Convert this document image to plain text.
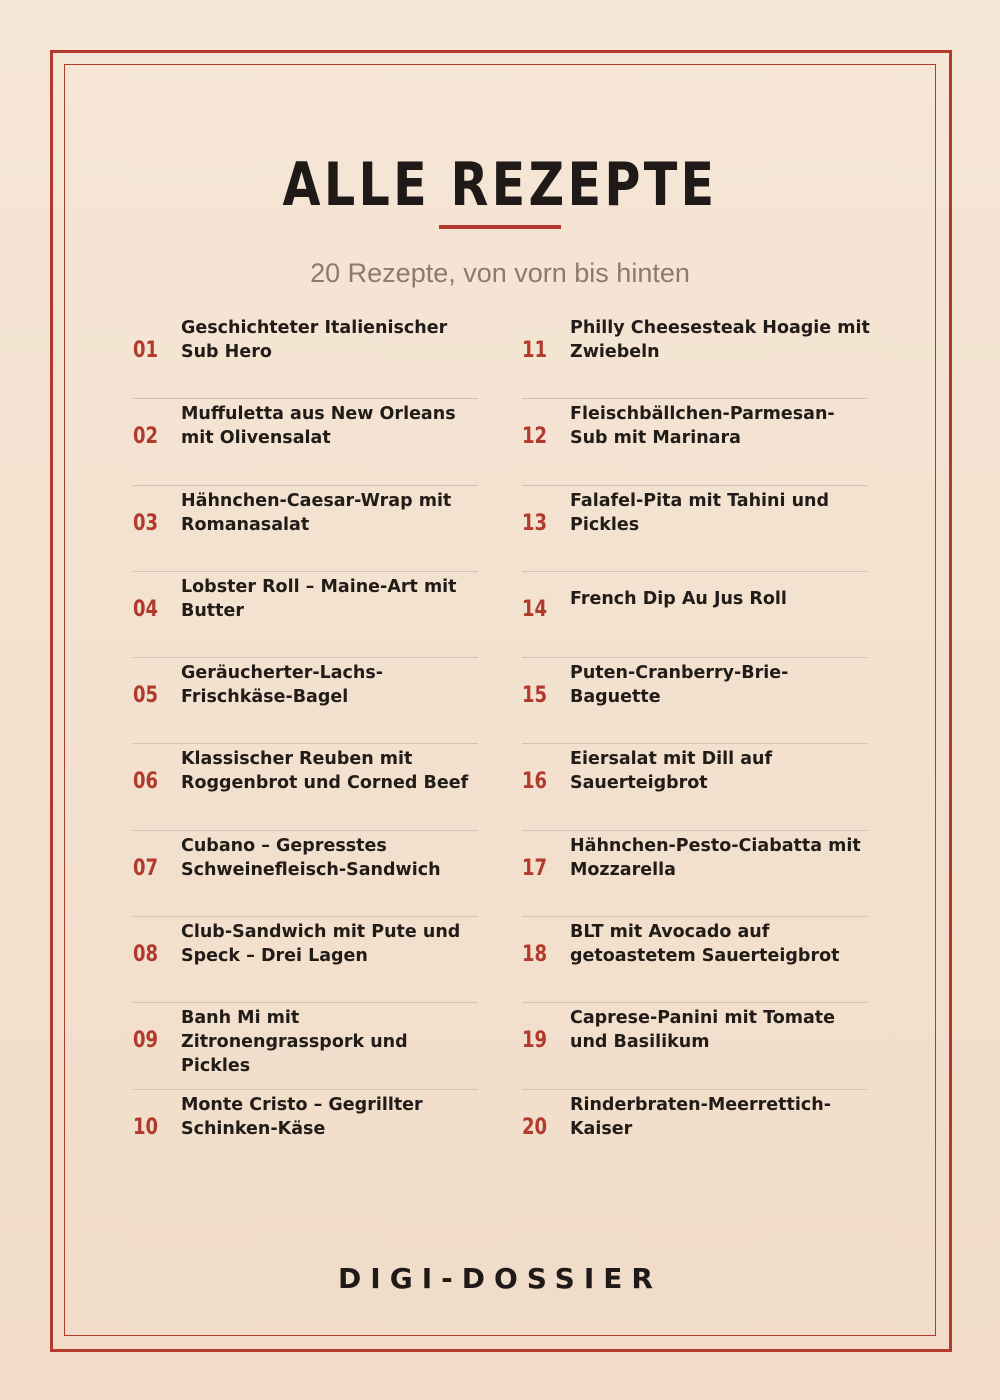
ALLE REZEPTE
20 Rezepte, von vorn bis hinten
01
Geschichteter Italienischer Sub Hero
02
Muffuletta aus New Orleans mit Olivensalat
03
Hähnchen-Caesar-Wrap mit Romanasalat
04
Lobster Roll – Maine-Art mit Butter
05
Geräucherter-Lachs-Frischkäse-Bagel
06
Klassischer Reuben mit Roggenbrot und Corned Beef
07
Cubano – Gepresstes Schweinefleisch-Sandwich
08
Club-Sandwich mit Pute und Speck – Drei Lagen
09
Banh Mi mit Zitronengrasspork und Pickles
10
Monte Cristo – Gegrillter Schinken-Käse
11
Philly Cheesesteak Hoagie mit Zwiebeln
12
Fleischbällchen-Parmesan-Sub mit Marinara
13
Falafel-Pita mit Tahini und Pickles
14 French Dip Au Jus Roll
15
Puten-Cranberry-Brie-Baguette
16
Eiersalat mit Dill auf Sauerteigbrot
17
Hähnchen-Pesto-Ciabatta mit Mozzarella
18
BLT mit Avocado auf getoastetem Sauerteigbrot
19
Caprese-Panini mit Tomate und Basilikum
20
Rinderbraten-Meerrettich-Kaiser
DIGI-DOSSIER
